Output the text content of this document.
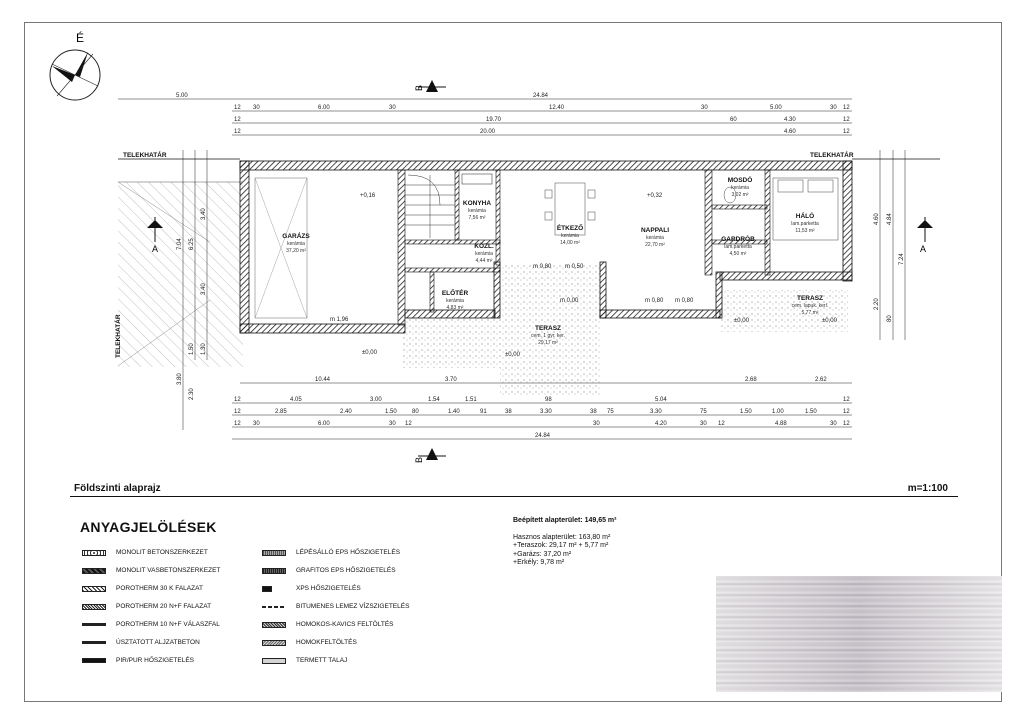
É
B
B
A	A
TELEKHATÁR	TELEKHATÁR
TELEKHATÁR
GARÁZS
kerámia
37,20 m²
KONYHA
kerámia
7,56 m²
KÖZL.
kerámia
4,44 m²
ÉTKEZŐ
kerámia
14,00 m²
NAPPALI
kerámia
22,70 m²
MOSDÓ
kerámia
3,02 m²
HÁLÓ
lam.parketta
11,53 m²
GARDRÓB
lam.parketta
4,50 m²
ELŐTÉR
kerámia
4,83 m²
TERASZ
cem. lapuk. kerí.
5,77 m²
TERASZ
cem. 1 gyr. ker.
29,17 m²
+0,16	+0,32
±0,00
±0,00	±0,00
±0,00
m 1,96
m 0,80 m 0,50
m 0,80 m 0,80
m 0,00
5.00	24.84
12 30	6.00	30	12.40	30	5.00	30 12
12	19.70	60	4.30	12
12	20.00	4.60	12
10.44	3.70	2.68	2.62
12	4.05	3.00	1.54	1.51	98	5.04	12
12	2.85	2.40	1.50	80	1.40	91	38	3.30	38 75	3.30	75	1.50	1.00	1.50	12
12 30	6.00	30 12	30	4.20	30 12	4.88	30 12
24.84
7.04 6.25
3.40
3.40
1.50 1.30
3.80
2.30
7.24
4.84
4.60
2.20
80
Földszinti alaprajz	m=1:100
ANYAGJELÖLÉSEK
MONOLIT BETONSZERKEZET
MONOLIT VASBETONSZERKEZET
POROTHERM 30 K FALAZAT
POROTHERM 20 N+F FALAZAT
POROTHERM 10 N+F VÁLASZFAL
ÚSZTATOTT ALJZATBETON
PIR/PUR HŐSZIGETELÉS
LÉPÉSÁLLÓ EPS HŐSZIGETELÉS
GRAFITOS EPS HŐSZIGETELÉS
XPS HŐSZIGETELÉS
BITUMENES LEMEZ VÍZSZIGETELÉS
HOMOKOS-KAVICS FELTÖLTÉS
HOMOKFELTÖLTÉS
TERMETT TALAJ
Beépített alapterület: 149,65 m²
Hasznos alapterület: 163,80 m²
+Teraszok: 29,17 m² + 5,77 m²
+Garázs: 37,20 m²
+Erkély: 9,78 m²
